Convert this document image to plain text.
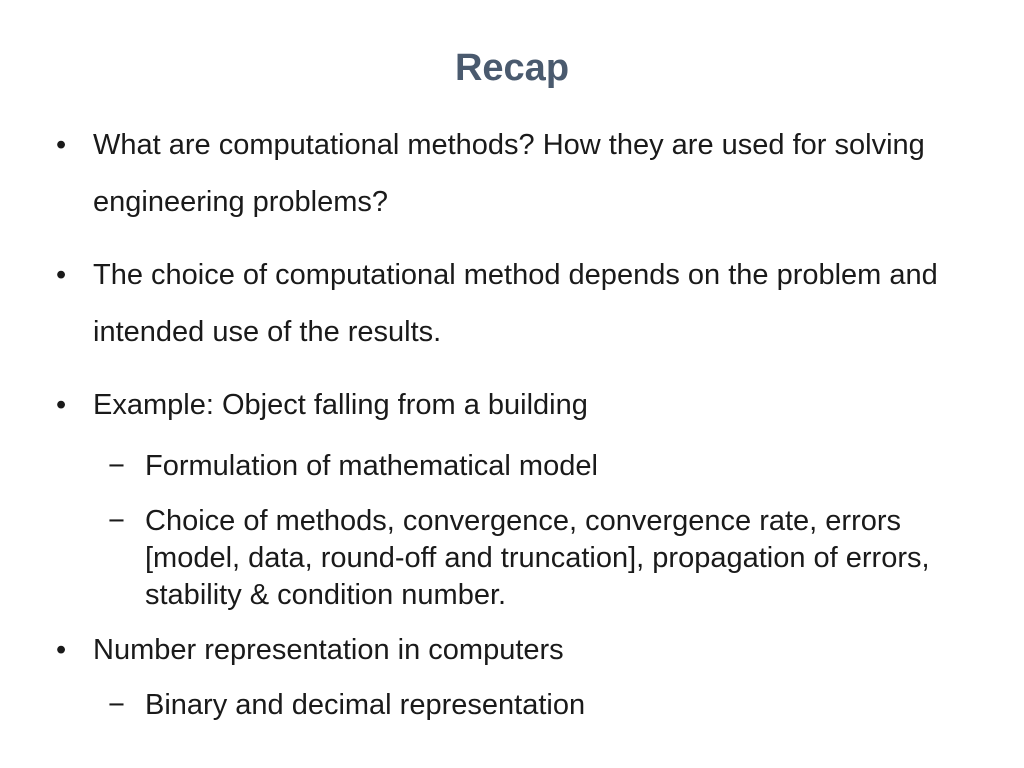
Recap
• What are computational methods? How they are used for solving engineering problems?
• The choice of computational method depends on the problem and intended use of the results.
• Example: Object falling from a building
− Formulation of mathematical model
− Choice of methods, convergence, convergence rate, errors [model, data, round-off and truncation], propagation of errors, stability & condition number.
• Number representation in computers
− Binary and decimal representation
